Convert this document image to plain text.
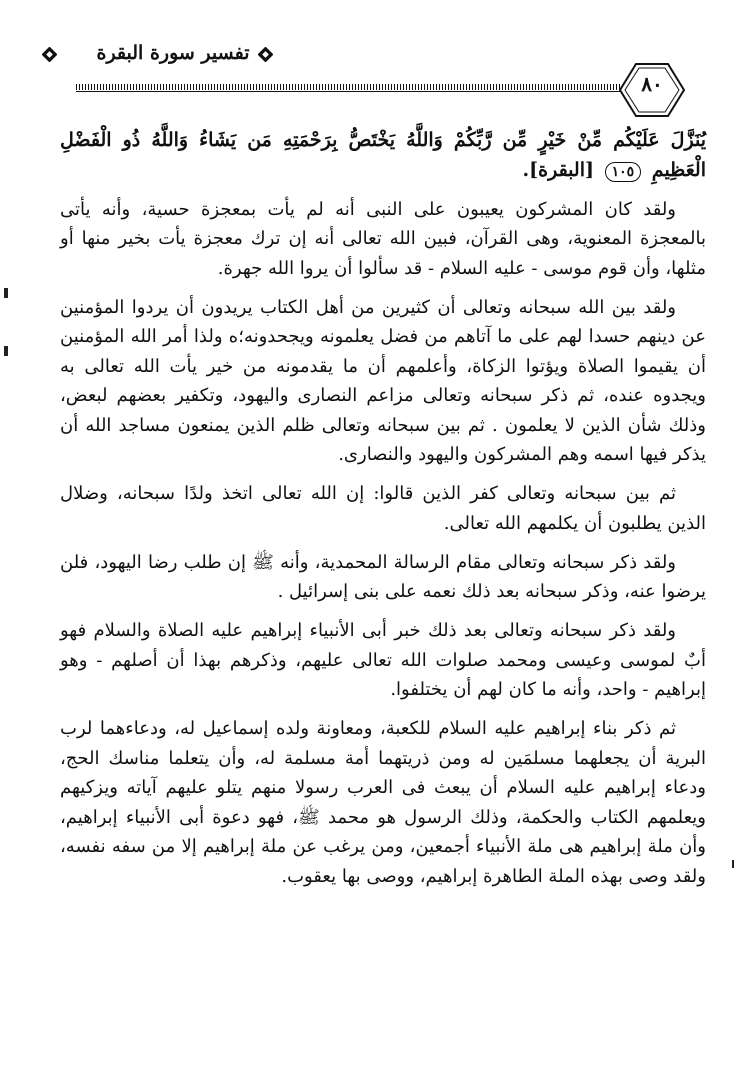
تفسير سورة البقرة
٨٠

يُنَزَّلَ عَلَيْكُم مِّنْ خَيْرٍ مِّن رَّبِّكُمْ وَاللَّهُ يَخْتَصُّ بِرَحْمَتِهِ مَن يَشَاءُ وَاللَّهُ ذُو الْفَضْلِ الْعَظِيمِ ١٠٥ [البقرة].

ولقد كان المشركون يعيبون على النبى أنه لم يأت بمعجزة حسية، وأنه يأتى بالمعجزة المعنوية، وهى القرآن، فبين الله تعالى أنه إن ترك معجزة يأت بخير منها أو مثلها، وأن قوم موسى - عليه السلام - قد سألوا أن يروا الله جهرة.

ولقد بين الله سبحانه وتعالى أن كثيرين من أهل الكتاب يريدون أن يردوا المؤمنين عن دينهم حسدا لهم على ما آتاهم من فضل يعلمونه ويجحدونه؛ه ولذا أمر الله المؤمنين أن يقيموا الصلاة ويؤتوا الزكاة، وأعلمهم أن ما يقدمونه من خير يأت الله تعالى به ويجدوه عنده، ثم ذكر سبحانه وتعالى مزاعم النصارى واليهود، وتكفير بعضهم لبعض، وذلك شأن الذين لا يعلمون . ثم بين سبحانه وتعالى ظلم الذين يمنعون مساجد الله أن يذكر فيها اسمه وهم المشركون واليهود والنصارى.

ثم بين سبحانه وتعالى كفر الذين قالوا: إن الله تعالى اتخذ ولدًا سبحانه، وضلال الذين يطلبون أن يكلمهم الله تعالى.

ولقد ذكر سبحانه وتعالى مقام الرسالة المحمدية، وأنه ﷺ إن طلب رضا اليهود، فلن يرضوا عنه، وذكر سبحانه بعد ذلك نعمه على بنى إسرائيل .

ولقد ذكر سبحانه وتعالى بعد ذلك خبر أبى الأنبياء إبراهيم عليه الصلاة والسلام فهو أبٌ لموسى وعيسى ومحمد صلوات الله تعالى عليهم، وذكرهم بهذا أن أصلهم - وهو إبراهيم - واحد، وأنه ما كان لهم أن يختلفوا.

ثم ذكر بناء إبراهيم عليه السلام للكعبة، ومعاونة ولده إسماعيل له، ودعاءهما لرب البرية أن يجعلهما مسلمَين له ومن ذريتهما أمة مسلمة له، وأن يتعلما مناسك الحج، ودعاء إبراهيم عليه السلام أن يبعث فى العرب رسولا منهم يتلو عليهم آياته ويزكيهم ويعلمهم الكتاب والحكمة، وذلك الرسول هو محمد ﷺ، فهو دعوة أبى الأنبياء إبراهيم، وأن ملة إبراهيم هى ملة الأنبياء أجمعين، ومن يرغب عن ملة إبراهيم إلا من سفه نفسه، ولقد وصى بهذه الملة الطاهرة إبراهيم، ووصى بها يعقوب.
